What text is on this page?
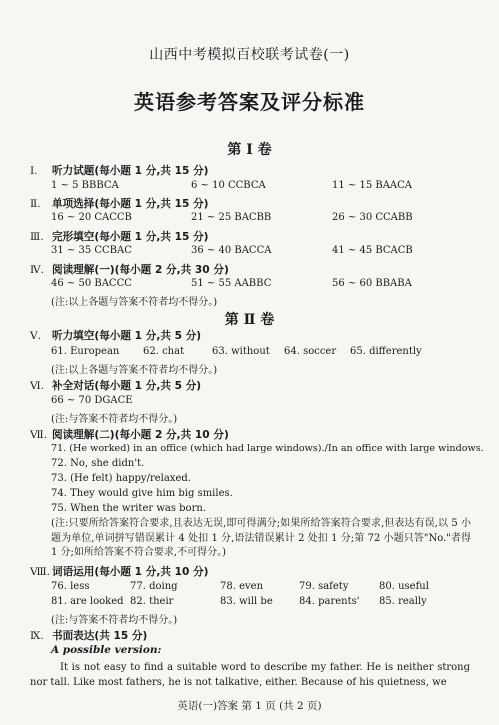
山西中考模拟百校联考试卷(一)
英语参考答案及评分标准
第 Ⅰ 卷
Ⅰ. 听力试题(每小题 1 分,共 15 分)
1 ~ 5 BBBCA	6 ~ 10 CCBCA	11 ~ 15 BAACA
Ⅱ. 单项选择(每小题 1 分,共 15 分)
16 ~ 20 CACCB	21 ~ 25 BACBB	26 ~ 30 CCABB
Ⅲ. 完形填空(每小题 1 分,共 15 分)
31 ~ 35 CCBAC	36 ~ 40 BACCA	41 ~ 45 BCACB
Ⅳ. 阅读理解(一)(每小题 2 分,共 30 分)
46 ~ 50 BACCC	51 ~ 55 AABBC	56 ~ 60 BBABA
(注:以上各题与答案不符者均不得分。)
第 Ⅱ 卷
Ⅴ. 听力填空(每小题 1 分,共 5 分)
61. European 62. chat	63. without 64. soccer 65. differently
(注:以上各题与答案不符者均不得分。)
Ⅵ. 补全对话(每小题 1 分,共 5 分)
66 ~ 70 DGACE
(注:与答案不符者均不得分。)
Ⅶ. 阅读理解(二)(每小题 2 分,共 10 分)
71. (He worked) in an office (which had large windows)./In an office with large windows.
72. No, she didn't.
73. (He felt) happy/relaxed.
74. They would give him big smiles.
75. When the writer was born.
(注:只要所给答案符合要求,且表达无误,即可得满分;如果所给答案符合要求,但表达有误,以 5 小题为单位,单词拼写错误累计 4 处扣 1 分,语法错误累计 2 处扣 1 分;第 72 小题只答"No."者得 1 分;如所给答案不符合要求,不可得分。)
Ⅷ. 词语运用(每小题 1 分,共 10 分)
76. less	77. doing	78. even	79. safety	80. useful
81. are looked 82. their	83. will be	84. parents' 85. really
(注:与答案不符者均不得分。)
Ⅸ. 书面表达(共 15 分)
A possible version:
It is not easy to find a suitable word to describe my father. He is neither strong nor tall. Like most fathers, he is not talkative, either. Because of his quietness, we
英语(一)答案 第 1 页 (共 2 页)
